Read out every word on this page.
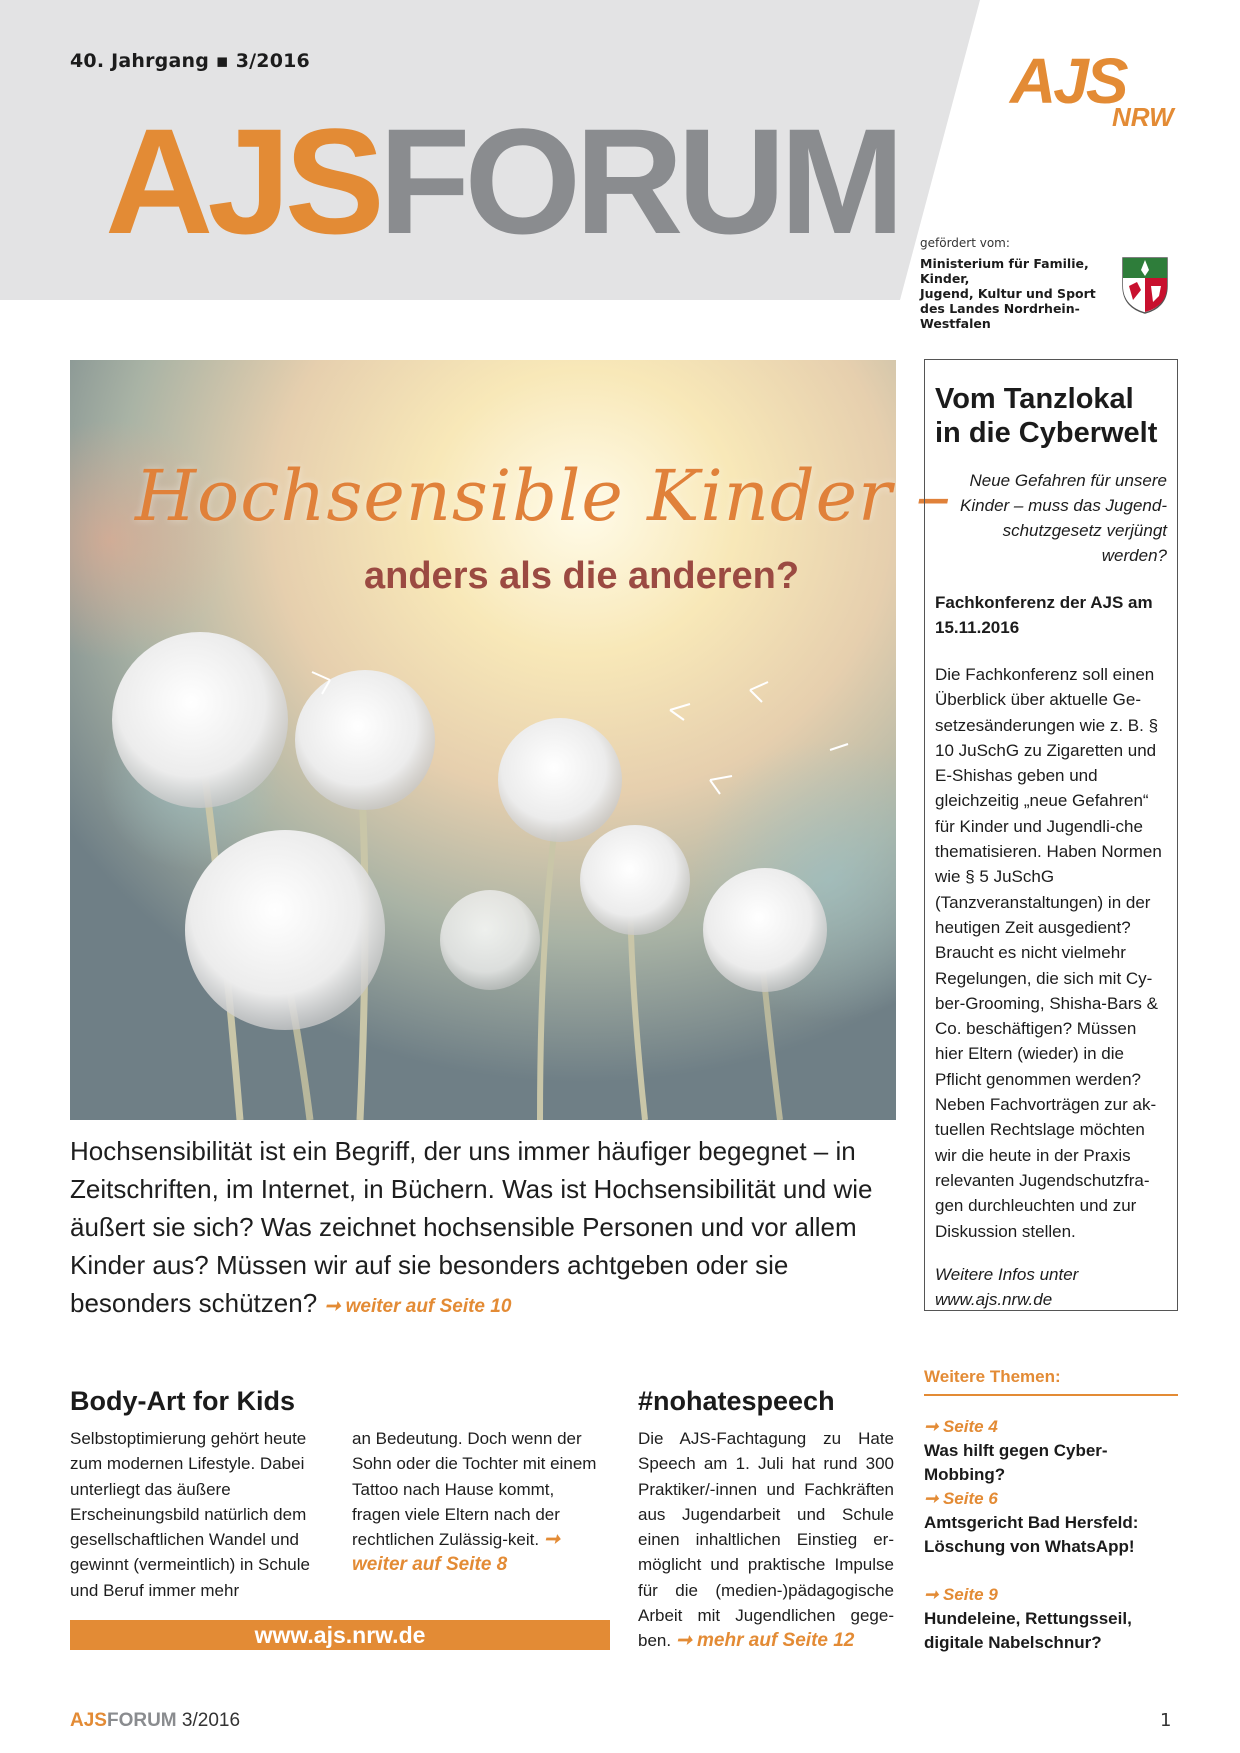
40. Jahrgang ▪ 3/2016
AJSFORUM
AJS
NRW
gefördert vom:
Ministerium für Familie, Kinder,
Jugend, Kultur und Sport
des Landes Nordrhein-Westfalen
Hochsensible Kinder –
anders als die anderen?
Hochsensibilität ist ein Begriff, der uns immer häufiger begegnet – in Zeitschriften, im Internet, in Büchern. Was ist Hochsensibilität und wie äußert sie sich? Was zeichnet hochsensible Personen und vor allem Kinder aus? Müssen wir auf sie besonders achtgeben oder sie besonders schützen? ➞ weiter auf Seite 10
Vom Tanzlokal in die Cyberwelt
Neue Gefahren für unsere Kinder – muss das Jugend-schutzgesetz verjüngt werden?
Fachkonferenz der AJS am 15.11.2016
Die Fachkonferenz soll einen Überblick über aktuelle Ge-setzesänderungen wie z. B. § 10 JuSchG zu Zigaretten und E-Shishas geben und gleichzeitig „neue Gefahren“ für Kinder und Jugendli-che thematisieren. Haben Normen wie § 5 JuSchG (Tanzveranstaltungen) in der heutigen Zeit ausgedient? Braucht es nicht vielmehr Regelungen, die sich mit Cy-ber-Grooming, Shisha-Bars & Co. beschäftigen? Müssen hier Eltern (wieder) in die Pflicht genommen werden? Neben Fachvorträgen zur ak-tuellen Rechtslage möchten wir die heute in der Praxis relevanten Jugendschutzfra-gen durchleuchten und zur Diskussion stellen.
Weitere Infos unter www.ajs.nrw.de
Body-Art for Kids
Selbstoptimierung gehört heute zum modernen Lifestyle. Dabei unterliegt das äußere Erscheinungsbild natürlich dem gesellschaftlichen Wandel und gewinnt (vermeintlich) in Schule und Beruf immer mehr
an Bedeutung. Doch wenn der Sohn oder die Tochter mit einem Tattoo nach Hause kommt, fragen viele Eltern nach der rechtlichen Zulässig-keit. ➞ weiter auf Seite 8
www.ajs.nrw.de
#nohatespeech
Die AJS-Fachtagung zu Hate Speech am 1. Juli hat rund 300 Praktiker/-innen und Fachkräften aus Jugendarbeit und Schule einen inhaltlichen Einstieg er-möglicht und praktische Impulse für die (medien-)pädagogische Arbeit mit Jugendlichen gege-ben. ➞ mehr auf Seite 12
Weitere Themen:
➞ Seite 4
Was hilft gegen Cyber-Mobbing?
➞ Seite 6
Amtsgericht Bad Hersfeld: Löschung von WhatsApp!
➞ Seite 9
Hundeleine, Rettungsseil, digitale Nabelschnur?
AJSFORUM 3/2016	1
